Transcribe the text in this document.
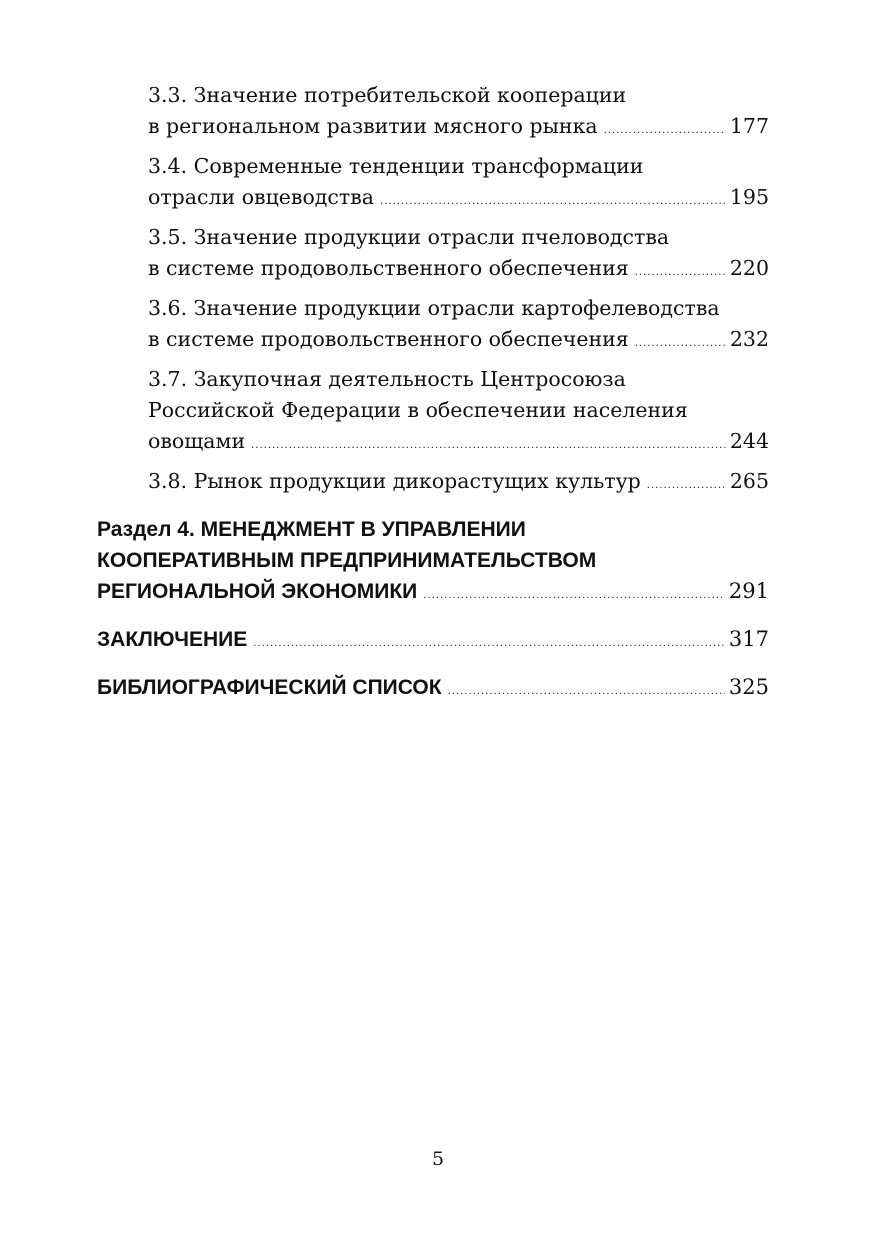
3.3. Значение потребительской кооперации
в региональном развитии мясного рынка .....	177
3.4. Современные тенденции трансформации
отрасли овцеводства .....	195
3.5. Значение продукции отрасли пчеловодства
в системе продовольственного обеспечения .....	220
3.6. Значение продукции отрасли картофелеводства
в системе продовольственного обеспечения .....	232
3.7. Закупочная деятельность Центросоюза
Российской Федерации в обеспечении населения
овощами .....	244
3.8. Рынок продукции дикорастущих культур .....	265
Раздел 4. МЕНЕДЖМЕНТ В УПРАВЛЕНИИ
КООПЕРАТИВНЫМ ПРЕДПРИНИМАТЕЛЬСТВОМ
РЕГИОНАЛЬНОЙ ЭКОНОМИКИ .....	291
ЗАКЛЮЧЕНИЕ .....	317
БИБЛИОГРАФИЧЕСКИЙ СПИСОК .....	325
5
